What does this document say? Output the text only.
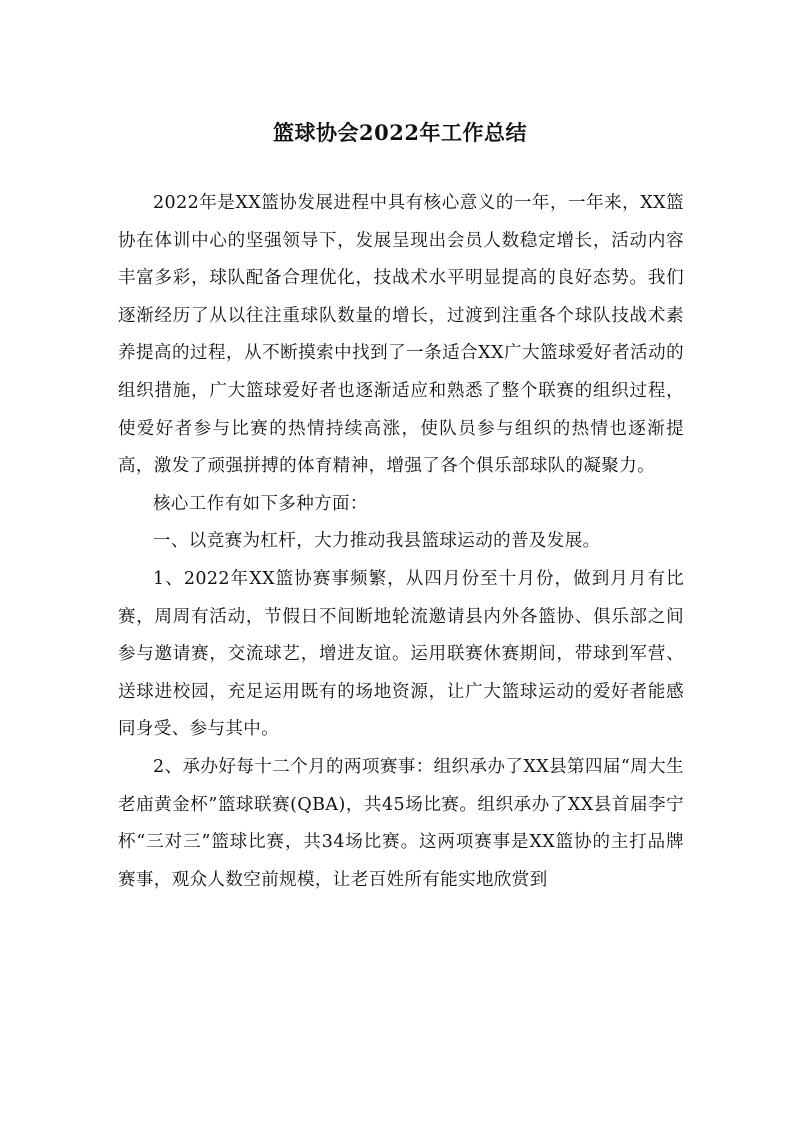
篮球协会2022年工作总结

2022年是XX篮协发展进程中具有核心意义的一年，一年来，XX篮协在体训中心的坚强领导下，发展呈现出会员人数稳定增长，活动内容丰富多彩，球队配备合理优化，技战术水平明显提高的良好态势。我们逐渐经历了从以往注重球队数量的增长，过渡到注重各个球队技战术素养提高的过程，从不断摸索中找到了一条适合XX广大篮球爱好者活动的组织措施，广大篮球爱好者也逐渐适应和熟悉了整个联赛的组织过程，使爱好者参与比赛的热情持续高涨，使队员参与组织的热情也逐渐提高，激发了顽强拼搏的体育精神，增强了各个俱乐部球队的凝聚力。

核心工作有如下多种方面：

一、以竞赛为杠杆，大力推动我县篮球运动的普及发展。

1、2022年XX篮协赛事频繁，从四月份至十月份，做到月月有比赛，周周有活动，节假日不间断地轮流邀请县内外各篮协、俱乐部之间参与邀请赛，交流球艺，增进友谊。运用联赛休赛期间，带球到军营、送球进校园，充足运用既有的场地资源，让广大篮球运动的爱好者能感同身受、参与其中。

2、承办好每十二个月的两项赛事：组织承办了XX县第四届“周大生老庙黄金杯”篮球联赛(QBA)，共45场比赛。组织承办了XX县首届李宁杯“三对三”篮球比赛，共34场比赛。这两项赛事是XX篮协的主打品牌赛事，观众人数空前规模，让老百姓所有能实地欣赏到
